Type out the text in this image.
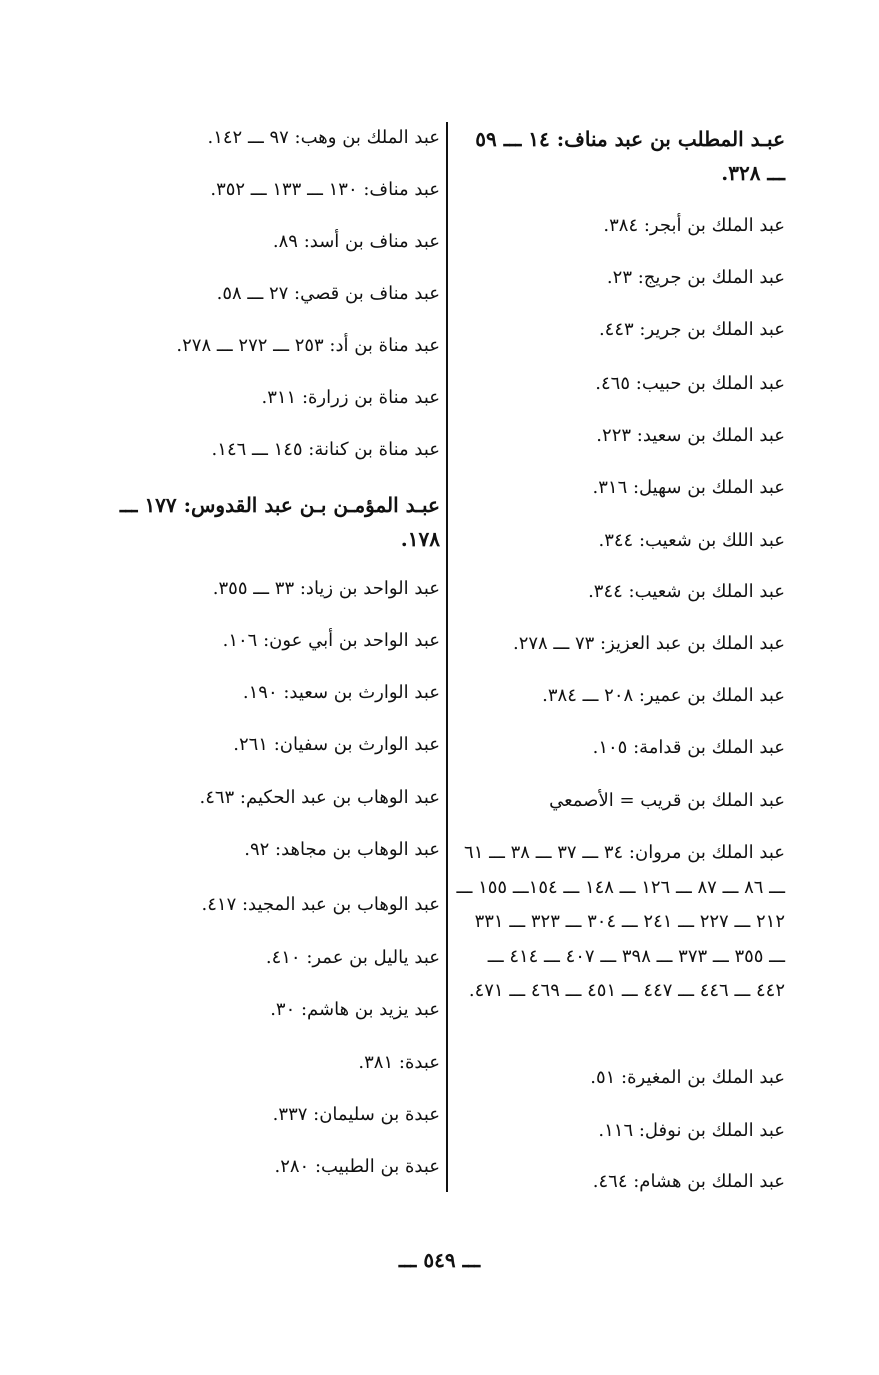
عبـد المطلب بن عبد مناف: ١٤ ـــ ٥٩ ـــ ٣٢٨.
عبد الملك بن أبجر: ٣٨٤.
عبد الملك بن جريج: ٢٣.
عبد الملك بن جرير: ٤٤٣.
عبد الملك بن حبيب: ٤٦٥.
عبد الملك بن سعيد: ٢٢٣.
عبد الملك بن سهيل: ٣١٦.
عبد اللك بن شعيب: ٣٤٤.
عبد الملك بن شعيب: ٣٤٤.
عبد الملك بن عبد العزيز: ٧٣ ـــ ٢٧٨.
عبد الملك بن عمير: ٢٠٨ ـــ ٣٨٤.
عبد الملك بن قدامة: ١٠٥.
عبد الملك بن قريب = الأصمعي
عبد الملك بن مروان: ٣٤ ـــ ٣٧ ـــ ٣٨ ـــ ٦١ ـــ ٨٦ ـــ ٨٧ ـــ ١٢٦ ـــ ١٤٨ ـــ ١٥٤ـــ ١٥٥ ـــ ٢١٢ ـــ ٢٢٧ ـــ ٢٤١ ـــ ٣٠٤ ـــ ٣٢٣ ـــ ٣٣١ ـــ ٣٥٥ ـــ ٣٧٣ ـــ ٣٩٨ ـــ ٤٠٧ ـــ ٤١٤ ـــ ٤٤٢ ـــ ٤٤٦ ـــ ٤٤٧ ـــ ٤٥١ ـــ ٤٦٩ ـــ ٤٧١.
عبد الملك بن المغيرة: ٥١.
عبد الملك بن نوفل: ١١٦.
عبد الملك بن هشام: ٤٦٤.
عبد الملك بن وهب: ٩٧ ـــ ١٤٢.
عبد مناف: ١٣٠ ـــ ١٣٣ ـــ ٣٥٢.
عبد مناف بن أسد: ٨٩.
عبد مناف بن قصي: ٢٧ ـــ ٥٨.
عبد مناة بن أد: ٢٥٣ ـــ ٢٧٢ ـــ ٢٧٨.
عبد مناة بن زرارة: ٣١١.
عبد مناة بن كنانة: ١٤٥ ـــ ١٤٦.
عبـد المؤمـن بـن عبد القدوس: ١٧٧ ـــ ١٧٨.
عبد الواحد بن زياد: ٣٣ ـــ ٣٥٥.
عبد الواحد بن أبي عون: ١٠٦.
عبد الوارث بن سعيد: ١٩٠.
عبد الوارث بن سفيان: ٢٦١.
عبد الوهاب بن عبد الحكيم: ٤٦٣.
عبد الوهاب بن مجاهد: ٩٢.
عبد الوهاب بن عبد المجيد: ٤١٧.
عبد ياليل بن عمر: ٤١٠.
عبد يزيد بن هاشم: ٣٠.
عبدة: ٣٨١.
عبدة بن سليمان: ٣٣٧.
عبدة بن الطبيب: ٢٨٠.
ـــ ٥٤٩ ـــ
